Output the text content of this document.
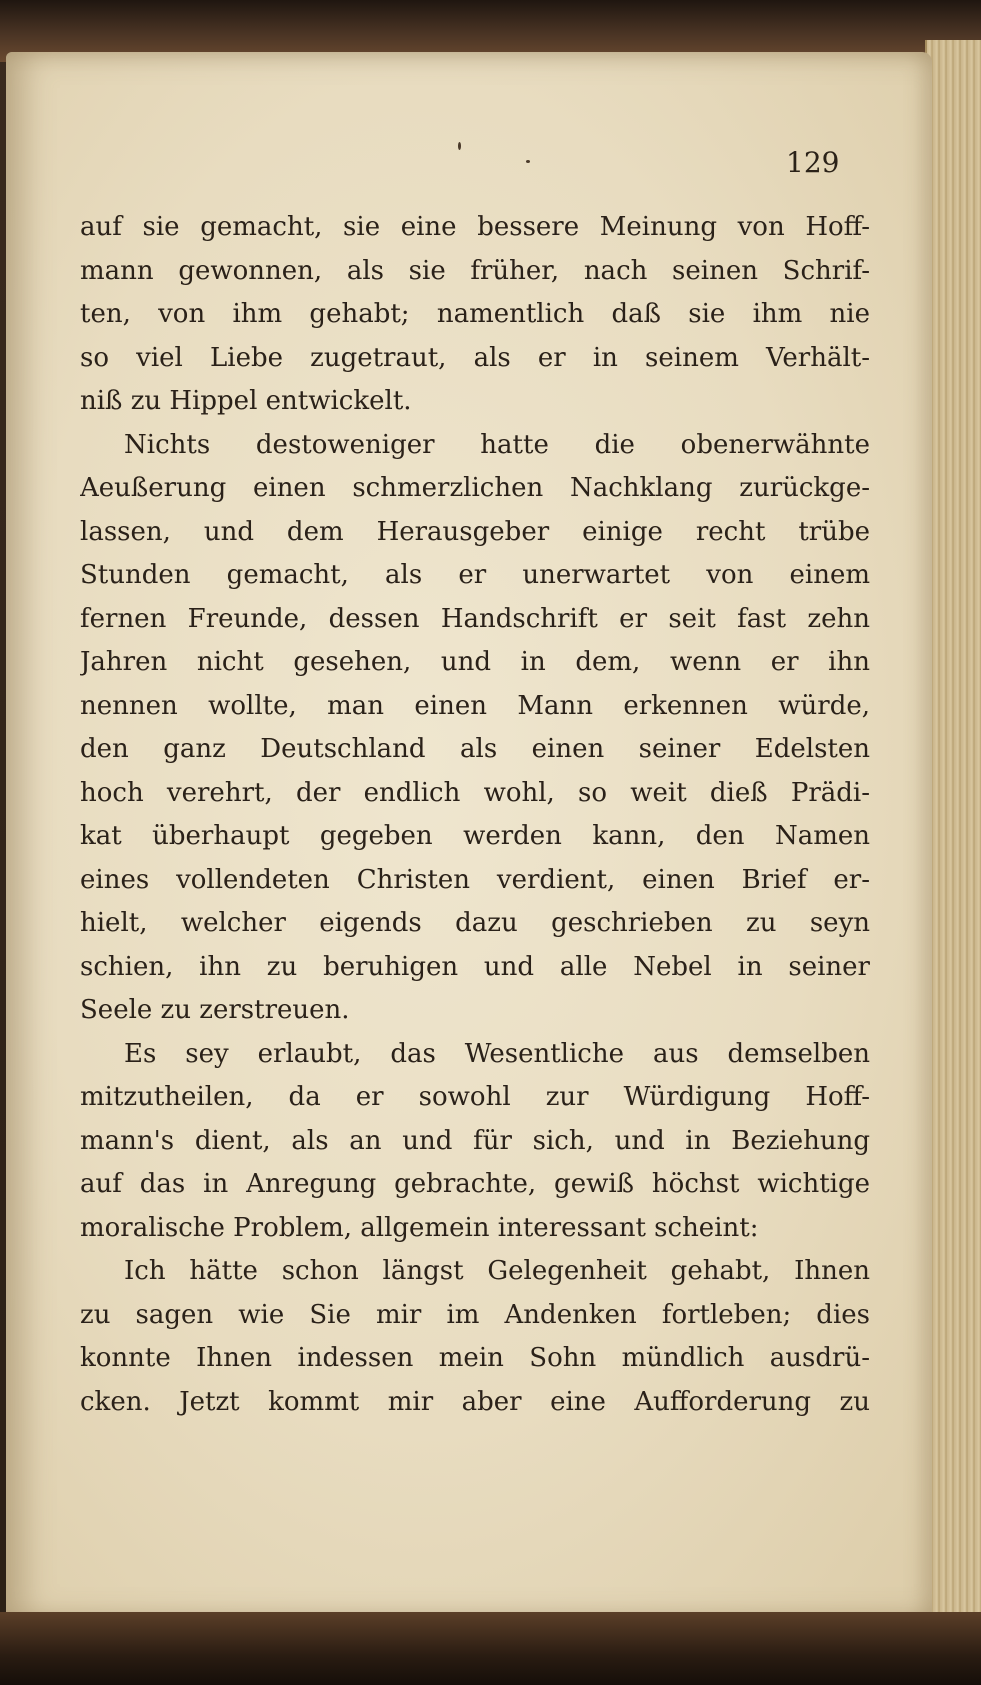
129
auf sie gemacht, sie eine bessere Meinung von Hoff-
mann gewonnen, als sie früher, nach seinen Schrif-
ten, von ihm gehabt; namentlich daß sie ihm nie
so viel Liebe zugetraut, als er in seinem Verhält-
niß zu Hippel entwickelt.
Nichts destoweniger hatte die obenerwähnte
Aeußerung einen schmerzlichen Nachklang zurückge-
lassen, und dem Herausgeber einige recht trübe
Stunden gemacht, als er unerwartet von einem
fernen Freunde, dessen Handschrift er seit fast zehn
Jahren nicht gesehen, und in dem, wenn er ihn
nennen wollte, man einen Mann erkennen würde,
den ganz Deutschland als einen seiner Edelsten
hoch verehrt, der endlich wohl, so weit dieß Prädi-
kat überhaupt gegeben werden kann, den Namen
eines vollendeten Christen verdient, einen Brief er-
hielt, welcher eigends dazu geschrieben zu seyn
schien, ihn zu beruhigen und alle Nebel in seiner
Seele zu zerstreuen.
Es sey erlaubt, das Wesentliche aus demselben
mitzutheilen, da er sowohl zur Würdigung Hoff-
mann's dient, als an und für sich, und in Beziehung
auf das in Anregung gebrachte, gewiß höchst wichtige
moralische Problem, allgemein interessant scheint:
Ich hätte schon längst Gelegenheit gehabt, Ihnen
zu sagen wie Sie mir im Andenken fortleben; dies
konnte Ihnen indessen mein Sohn mündlich ausdrü-
cken. Jetzt kommt mir aber eine Aufforderung zu
